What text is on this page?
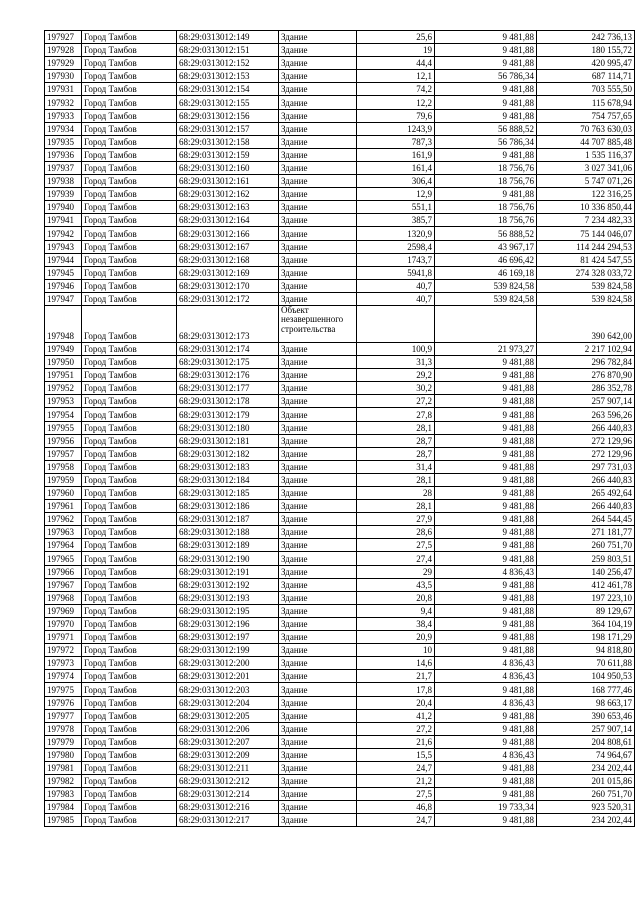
197927	Город Тамбов	68:29:0313012:149	Здание	25,6	9 481,88	242 736,13
197928	Город Тамбов	68:29:0313012:151	Здание	19	9 481,88	180 155,72
197929	Город Тамбов	68:29:0313012:152	Здание	44,4	9 481,88	420 995,47
197930	Город Тамбов	68:29:0313012:153	Здание	12,1	56 786,34	687 114,71
197931	Город Тамбов	68:29:0313012:154	Здание	74,2	9 481,88	703 555,50
197932	Город Тамбов	68:29:0313012:155	Здание	12,2	9 481,88	115 678,94
197933	Город Тамбов	68:29:0313012:156	Здание	79,6	9 481,88	754 757,65
197934	Город Тамбов	68:29:0313012:157	Здание	1243,9	56 888,52	70 763 630,03
197935	Город Тамбов	68:29:0313012:158	Здание	787,3	56 786,34	44 707 885,48
197936	Город Тамбов	68:29:0313012:159	Здание	161,9	9 481,88	1 535 116,37
197937	Город Тамбов	68:29:0313012:160	Здание	161,4	18 756,76	3 027 341,06
197938	Город Тамбов	68:29:0313012:161	Здание	306,4	18 756,76	5 747 071,26
197939	Город Тамбов	68:29:0313012:162	Здание	12,9	9 481,88	122 316,25
197940	Город Тамбов	68:29:0313012:163	Здание	551,1	18 756,76	10 336 850,44
197941	Город Тамбов	68:29:0313012:164	Здание	385,7	18 756,76	7 234 482,33
197942	Город Тамбов	68:29:0313012:166	Здание	1320,9	56 888,52	75 144 046,07
197943	Город Тамбов	68:29:0313012:167	Здание	2598,4	43 967,17	114 244 294,53
197944	Город Тамбов	68:29:0313012:168	Здание	1743,7	46 696,42	81 424 547,55
197945	Город Тамбов	68:29:0313012:169	Здание	5941,8	46 169,18	274 328 033,72
197946	Город Тамбов	68:29:0313012:170	Здание	40,7	539 824,58	539 824,58
197947	Город Тамбов	68:29:0313012:172	Здание	40,7	539 824,58	539 824,58
197948	Город Тамбов	68:29:0313012:173	Объект незавершенного строительства			390 642,00
197949	Город Тамбов	68:29:0313012:174	Здание	100,9	21 973,27	2 217 102,94
197950	Город Тамбов	68:29:0313012:175	Здание	31,3	9 481,88	296 782,84
197951	Город Тамбов	68:29:0313012:176	Здание	29,2	9 481,88	276 870,90
197952	Город Тамбов	68:29:0313012:177	Здание	30,2	9 481,88	286 352,78
197953	Город Тамбов	68:29:0313012:178	Здание	27,2	9 481,88	257 907,14
197954	Город Тамбов	68:29:0313012:179	Здание	27,8	9 481,88	263 596,26
197955	Город Тамбов	68:29:0313012:180	Здание	28,1	9 481,88	266 440,83
197956	Город Тамбов	68:29:0313012:181	Здание	28,7	9 481,88	272 129,96
197957	Город Тамбов	68:29:0313012:182	Здание	28,7	9 481,88	272 129,96
197958	Город Тамбов	68:29:0313012:183	Здание	31,4	9 481,88	297 731,03
197959	Город Тамбов	68:29:0313012:184	Здание	28,1	9 481,88	266 440,83
197960	Город Тамбов	68:29:0313012:185	Здание	28	9 481,88	265 492,64
197961	Город Тамбов	68:29:0313012:186	Здание	28,1	9 481,88	266 440,83
197962	Город Тамбов	68:29:0313012:187	Здание	27,9	9 481,88	264 544,45
197963	Город Тамбов	68:29:0313012:188	Здание	28,6	9 481,88	271 181,77
197964	Город Тамбов	68:29:0313012:189	Здание	27,5	9 481,88	260 751,70
197965	Город Тамбов	68:29:0313012:190	Здание	27,4	9 481,88	259 803,51
197966	Город Тамбов	68:29:0313012:191	Здание	29	4 836,43	140 256,47
197967	Город Тамбов	68:29:0313012:192	Здание	43,5	9 481,88	412 461,78
197968	Город Тамбов	68:29:0313012:193	Здание	20,8	9 481,88	197 223,10
197969	Город Тамбов	68:29:0313012:195	Здание	9,4	9 481,88	89 129,67
197970	Город Тамбов	68:29:0313012:196	Здание	38,4	9 481,88	364 104,19
197971	Город Тамбов	68:29:0313012:197	Здание	20,9	9 481,88	198 171,29
197972	Город Тамбов	68:29:0313012:199	Здание	10	9 481,88	94 818,80
197973	Город Тамбов	68:29:0313012:200	Здание	14,6	4 836,43	70 611,88
197974	Город Тамбов	68:29:0313012:201	Здание	21,7	4 836,43	104 950,53
197975	Город Тамбов	68:29:0313012:203	Здание	17,8	9 481,88	168 777,46
197976	Город Тамбов	68:29:0313012:204	Здание	20,4	4 836,43	98 663,17
197977	Город Тамбов	68:29:0313012:205	Здание	41,2	9 481,88	390 653,46
197978	Город Тамбов	68:29:0313012:206	Здание	27,2	9 481,88	257 907,14
197979	Город Тамбов	68:29:0313012:207	Здание	21,6	9 481,88	204 808,61
197980	Город Тамбов	68:29:0313012:209	Здание	15,5	4 836,43	74 964,67
197981	Город Тамбов	68:29:0313012:211	Здание	24,7	9 481,88	234 202,44
197982	Город Тамбов	68:29:0313012:212	Здание	21,2	9 481,88	201 015,86
197983	Город Тамбов	68:29:0313012:214	Здание	27,5	9 481,88	260 751,70
197984	Город Тамбов	68:29:0313012:216	Здание	46,8	19 733,34	923 520,31
197985	Город Тамбов	68:29:0313012:217	Здание	24,7	9 481,88	234 202,44
